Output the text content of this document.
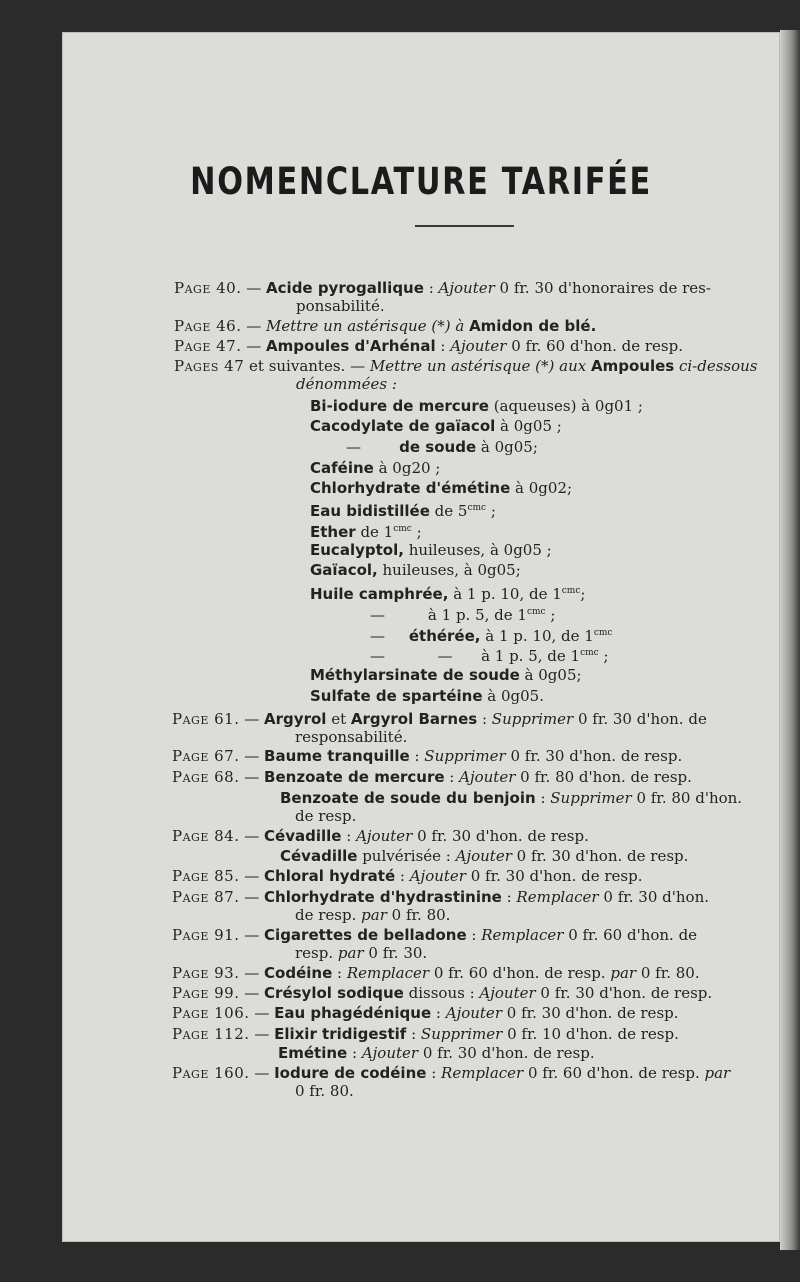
NOMENCLATURE TARIFÉE
Page 40. — Acide pyrogallique : Ajouter 0 fr. 30 d'honoraires de res-
ponsabilité.
Page 46. — Mettre un astérisque (*) à Amidon de blé.
Page 47. — Ampoules d'Arhénal : Ajouter 0 fr. 60 d'hon. de resp.
Pages 47 et suivantes. — Mettre un astérisque (*) aux Ampoules ci-dessous
dénommées :
Bi-iodure de mercure (aqueuses) à 0g01 ;
Cacodylate de gaïacol à 0g05 ;
—	de soude à 0g05;
Caféine à 0g20 ;
Chlorhydrate d'émétine à 0g02;
Eau bidistillée de $5^{cmc}$ ;
Ether de $1^{cmc}$ ;
Eucalyptol, huileuses, à 0g05 ;
Gaïacol, huileuses, à 0g05;
Huile camphrée, à 1 p. 10, de $1^{cmc}$;
—	à 1 p. 5, de $1^{cmc}$ ;
— éthérée, à 1 p. 10, de $1^{cmc}$
—	— à 1 p. 5, de $1^{cmc}$ ;
Méthylarsinate de soude à 0g05;
Sulfate de spartéine à 0g05.
Page 61. — Argyrol et Argyrol Barnes : Supprimer 0 fr. 30 d'hon. de
responsabilité.
Page 67. — Baume tranquille : Supprimer 0 fr. 30 d'hon. de resp.
Page 68. — Benzoate de mercure : Ajouter 0 fr. 80 d'hon. de resp.
Benzoate de soude du benjoin : Supprimer 0 fr. 80 d'hon.
de resp.
Page 84. — Cévadille : Ajouter 0 fr. 30 d'hon. de resp.
Cévadille pulvérisée : Ajouter 0 fr. 30 d'hon. de resp.
Page 85. — Chloral hydraté : Ajouter 0 fr. 30 d'hon. de resp.
Page 87. — Chlorhydrate d'hydrastinine : Remplacer 0 fr. 30 d'hon.
de resp. par 0 fr. 80.
Page 91. — Cigarettes de belladone : Remplacer 0 fr. 60 d'hon. de
resp. par 0 fr. 30.
Page 93. — Codéine : Remplacer 0 fr. 60 d'hon. de resp. par 0 fr. 80.
Page 99. — Crésylol sodique dissous : Ajouter 0 fr. 30 d'hon. de resp.
Page 106. — Eau phagédénique : Ajouter 0 fr. 30 d'hon. de resp.
Page 112. — Elixir tridigestif : Supprimer 0 fr. 10 d'hon. de resp.
Emétine : Ajouter 0 fr. 30 d'hon. de resp.
Page 160. — Iodure de codéine : Remplacer 0 fr. 60 d'hon. de resp. par
0 fr. 80.
